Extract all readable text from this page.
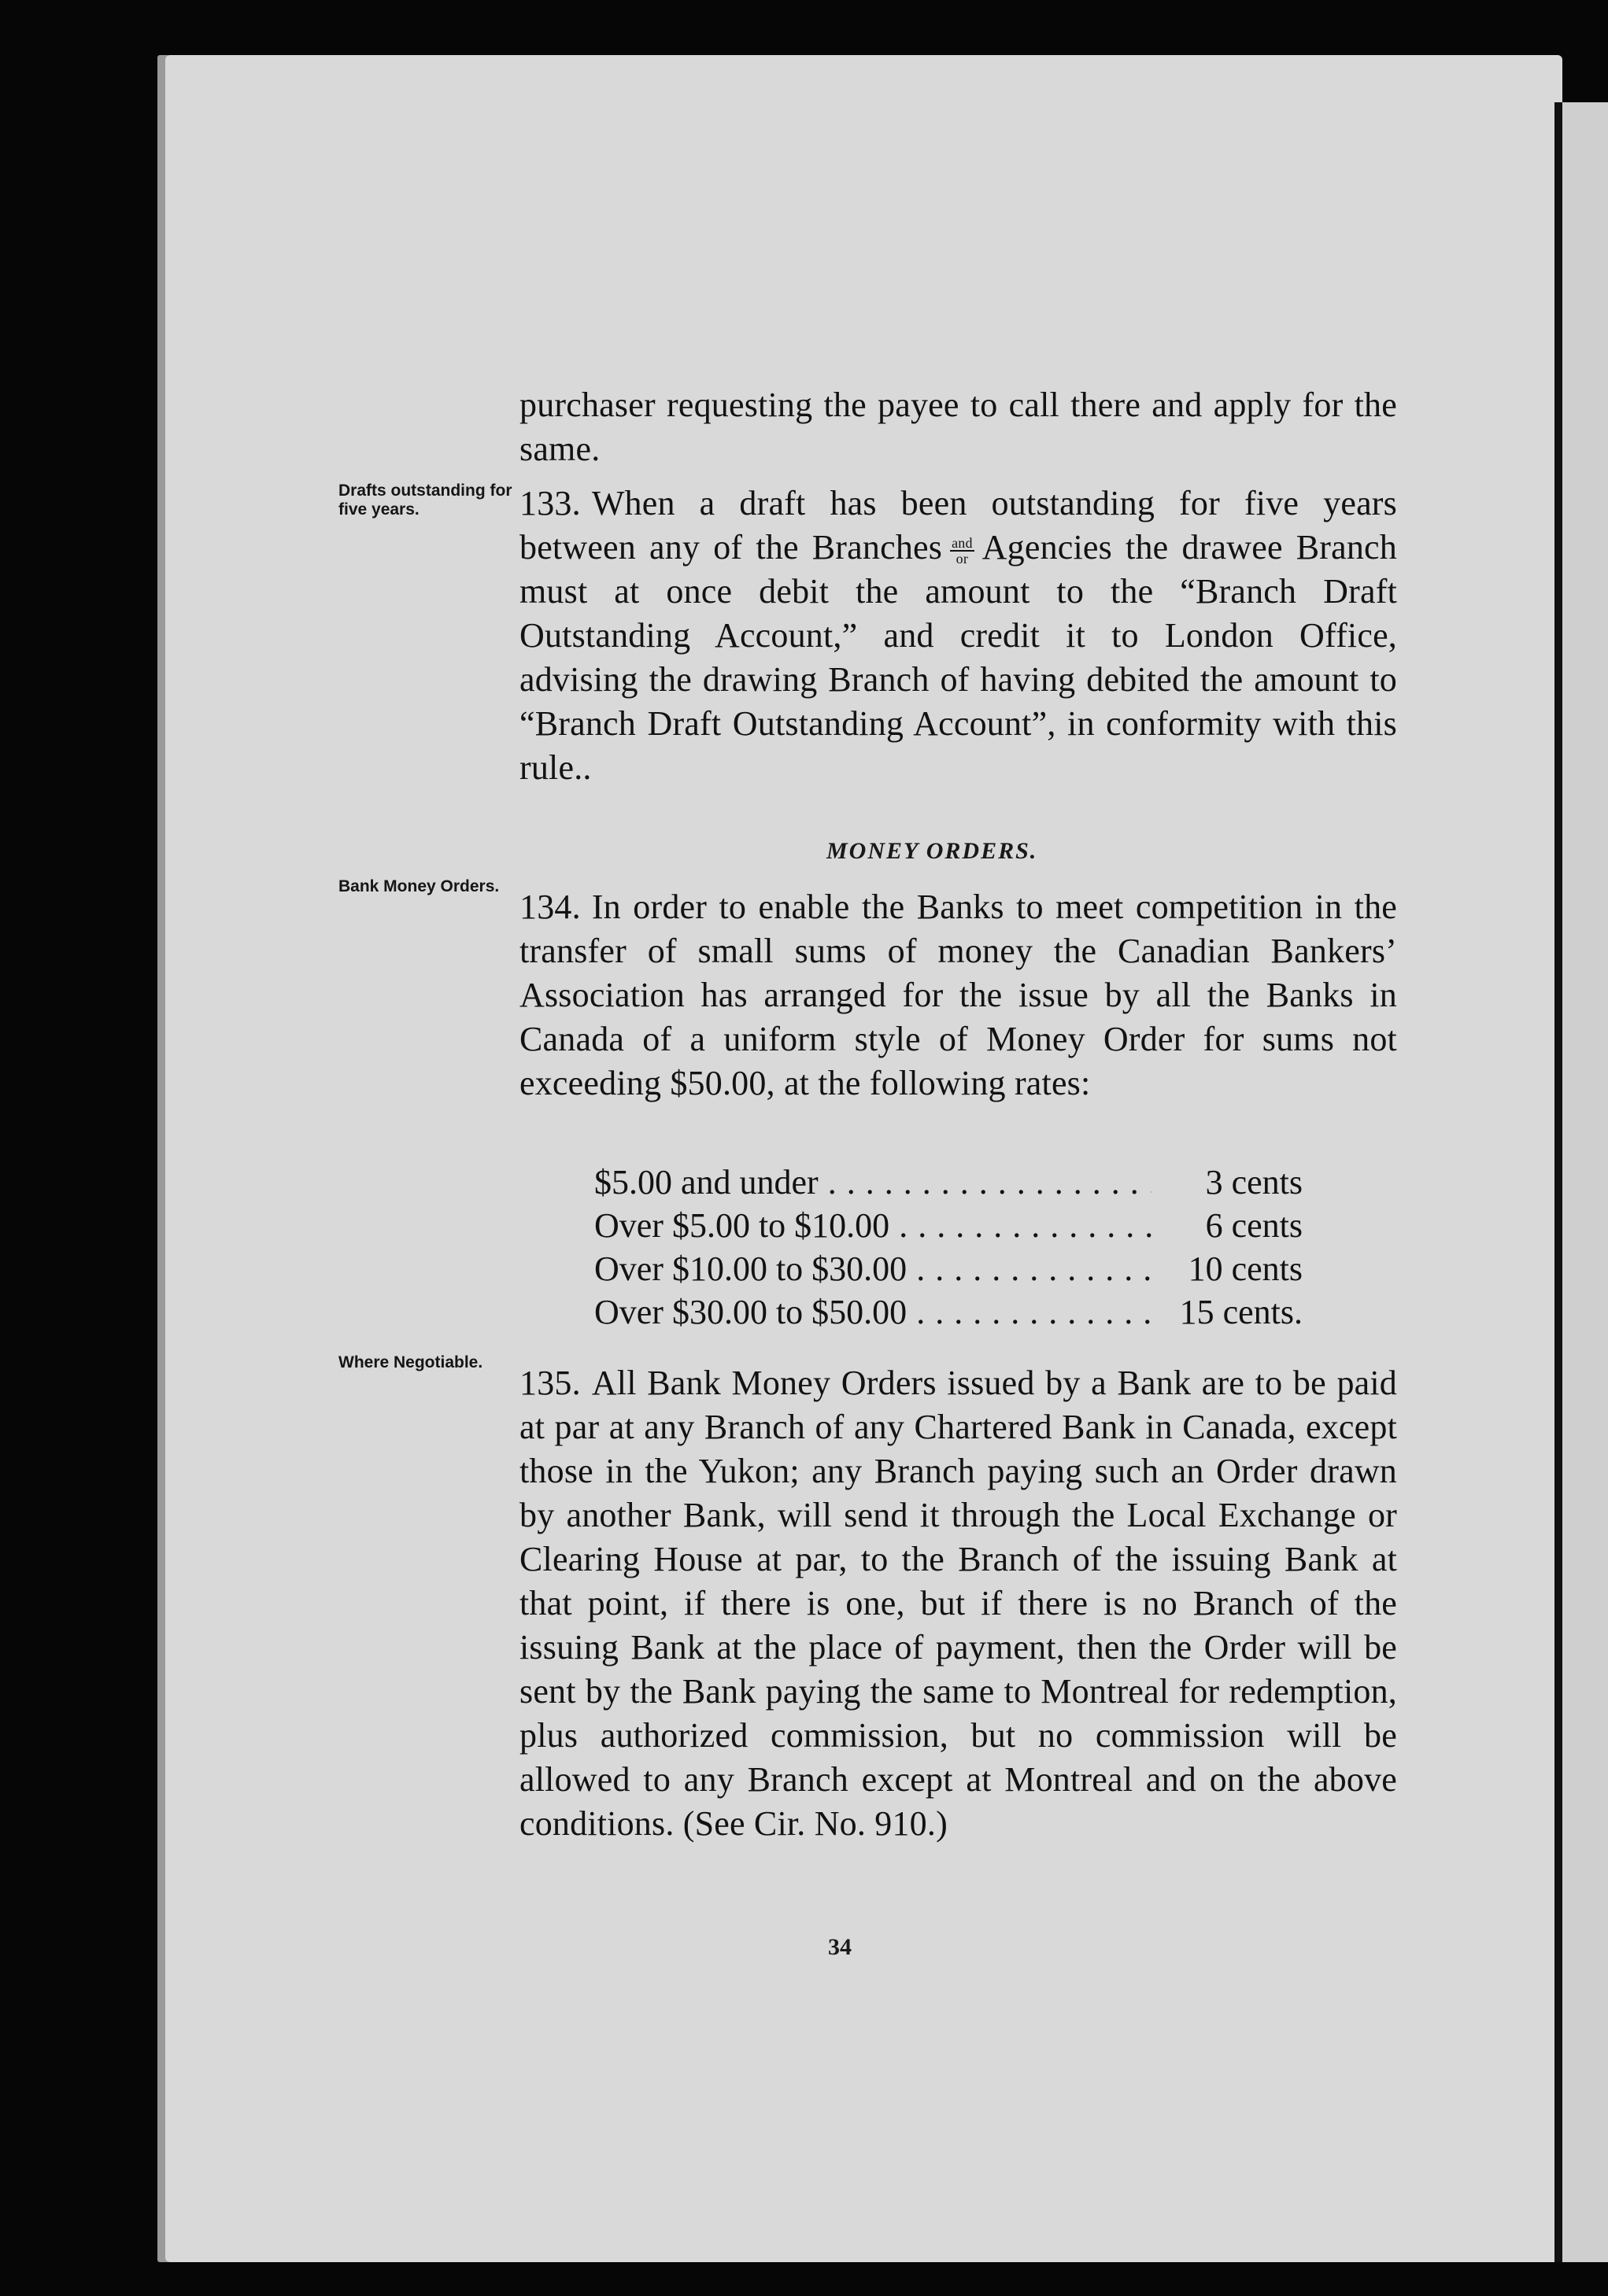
purchaser requesting the payee to call there and apply for the same.

Drafts outstanding for five years.	133. When a draft has been outstanding for five years between any of the Branches $\frac{\text{and}}{or}$ Agencies the drawee Branch must at once debit the amount to the “Branch Draft Outstanding Account,” and credit it to London Office, advising the drawing Branch of having debited the amount to “Branch Draft Outstanding Account”, in conformity with this rule..

MONEY ORDERS.
Bank Money Orders.

134. In order to enable the Banks to meet competition in the transfer of small sums of money the Canadian Bankers’ Association has arranged for the issue by all the Banks in Canada of a uniform style of Money Order for sums not exceeding $50.00, at the following rates:

$5.00 and under . . .	3 cents
Over $5.00 to $10.00 . . .	6 cents
Over $10.00 to $30.00 . . .	10 cents
Over $30.00 to $50.00 . . .	15 cents.
Where Negotiable.

135. All Bank Money Orders issued by a Bank are to be paid at par at any Branch of any Chartered Bank in Canada, except those in the Yukon; any Branch paying such an Order drawn by another Bank, will send it through the Local Exchange or Clearing House at par, to the Branch of the issuing Bank at that point, if there is one, but if there is no Branch of the issuing Bank at the place of payment, then the Order will be sent by the Bank paying the same to Montreal for redemption, plus authorized commission, but no commission will be allowed to any Branch except at Montreal and on the above conditions. (See Cir. No. 910.)

34
